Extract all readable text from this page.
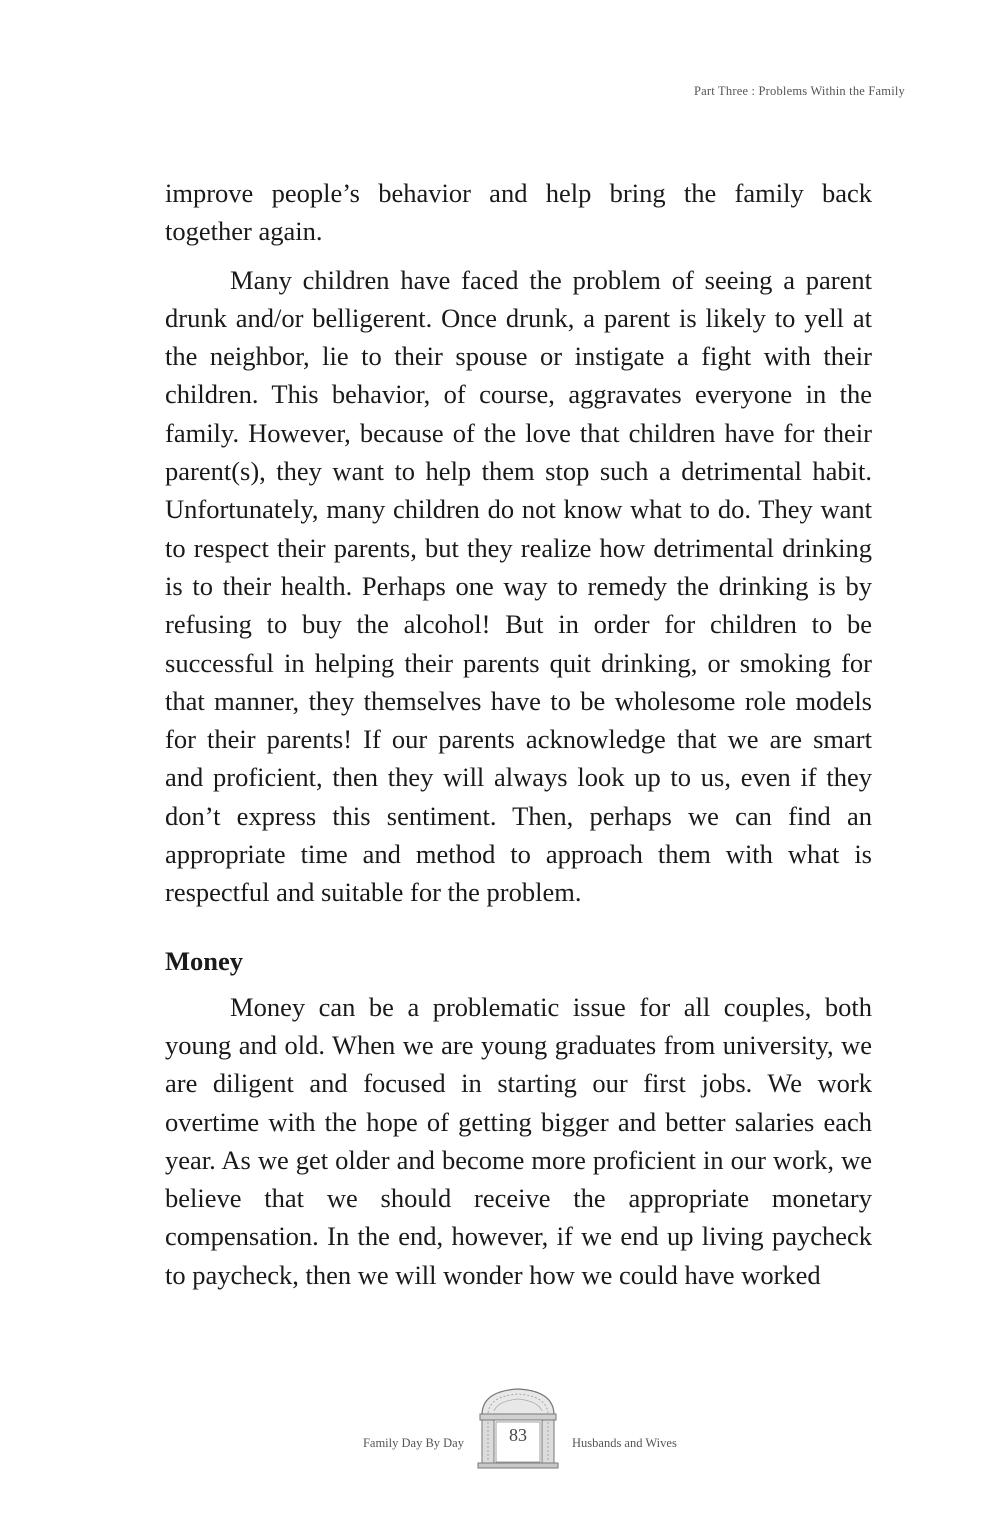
Part Three : Problems Within the Family

improve people’s behavior and help bring the family back together again.

Many children have faced the problem of seeing a parent drunk and/or belligerent. Once drunk, a parent is likely to yell at the neighbor, lie to their spouse or instigate a fight with their children. This behavior, of course, aggravates everyone in the family. However, because of the love that children have for their parent(s), they want to help them stop such a detrimental habit. Unfortunately, many children do not know what to do. They want to respect their parents, but they realize how detrimental drinking is to their health. Perhaps one way to remedy the drinking is by refusing to buy the alcohol! But in order for children to be successful in helping their parents quit drinking, or smoking for that manner, they themselves have to be wholesome role models for their parents! If our parents acknowledge that we are smart and proficient, then they will always look up to us, even if they don’t express this sentiment. Then, perhaps we can find an appropriate time and method to approach them with what is respectful and suitable for the problem.

Money

Money can be a problematic issue for all couples, both young and old. When we are young graduates from university, we are diligent and focused in starting our first jobs. We work overtime with the hope of getting bigger and better salaries each year. As we get older and become more proficient in our work, we believe that we should receive the appropriate monetary compensation. In the end, however, if we end up living paycheck to paycheck, then we will wonder how we could have worked

Family Day By Day	83	Husbands and Wives
